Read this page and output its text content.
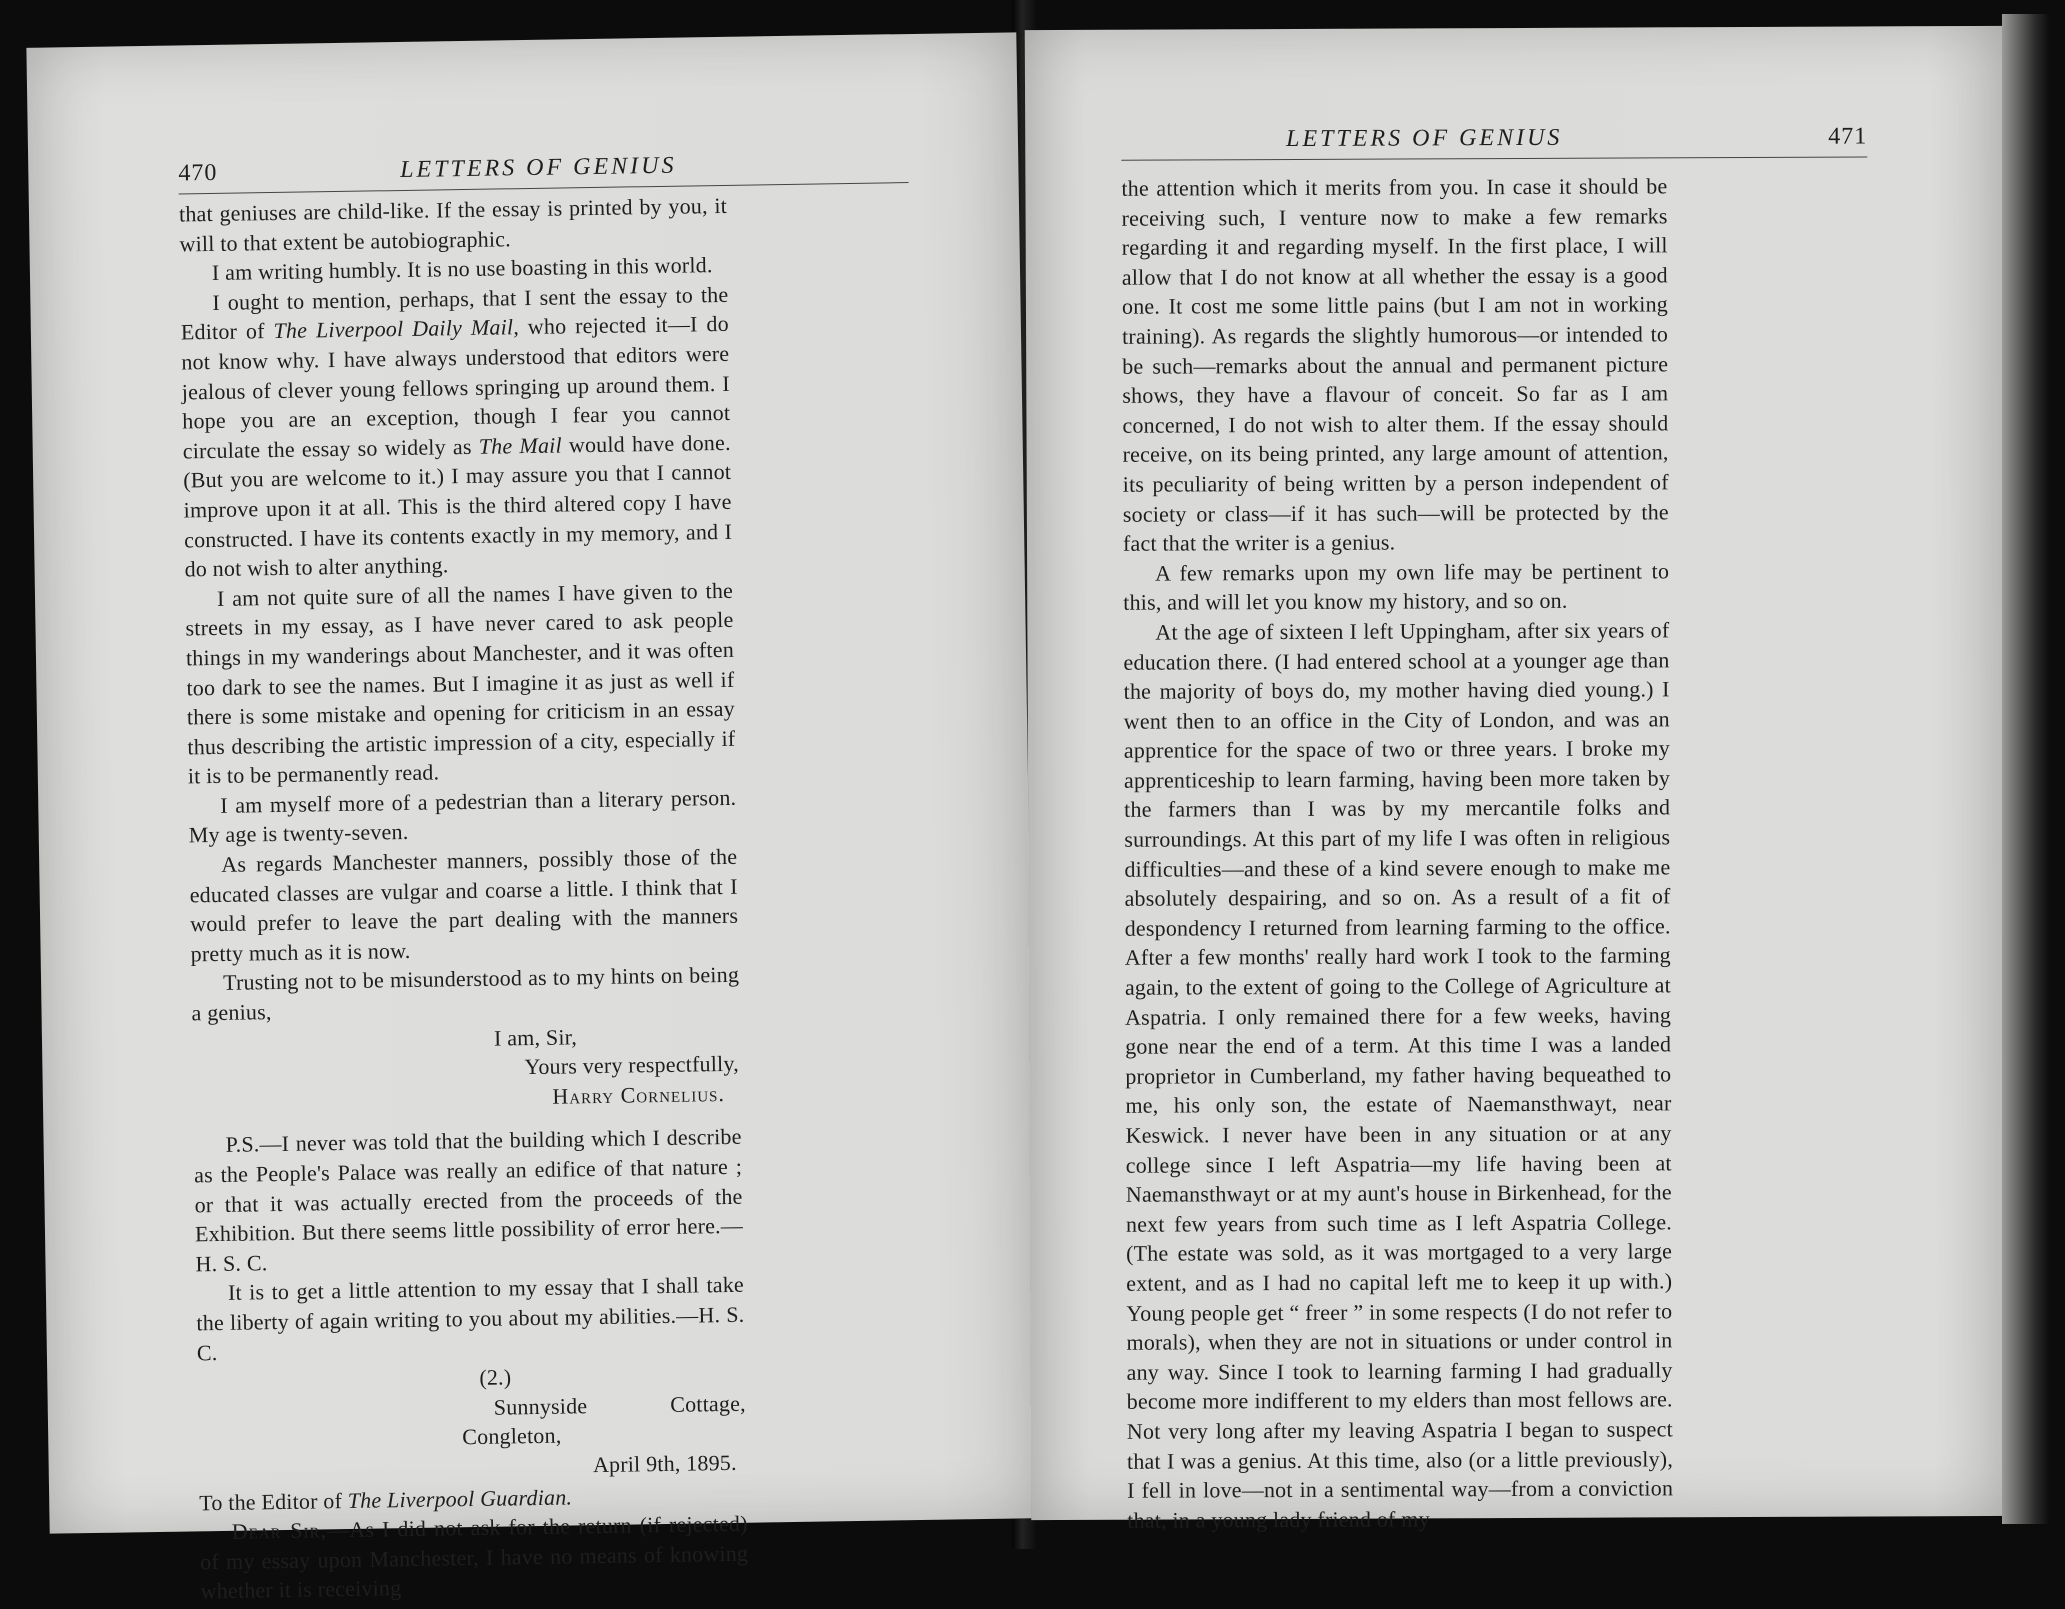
470	LETTERS OF GENIUS

that geniuses are child-like. If the essay is printed by you, it will to that extent be autobiographic.

I am writing humbly. It is no use boasting in this world.

I ought to mention, perhaps, that I sent the essay to the Editor of The Liverpool Daily Mail, who rejected it—I do not know why. I have always understood that editors were jealous of clever young fellows springing up around them. I hope you are an exception, though I fear you cannot circulate the essay so widely as The Mail would have done. (But you are welcome to it.) I may assure you that I cannot improve upon it at all. This is the third altered copy I have constructed. I have its contents exactly in my memory, and I do not wish to alter anything.

I am not quite sure of all the names I have given to the streets in my essay, as I have never cared to ask people things in my wanderings about Manchester, and it was often too dark to see the names. But I imagine it as just as well if there is some mistake and opening for criticism in an essay thus describing the artistic impression of a city, especially if it is to be permanently read.

I am myself more of a pedestrian than a literary person. My age is twenty-seven.

As regards Manchester manners, possibly those of the educated classes are vulgar and coarse a little. I think that I would prefer to leave the part dealing with the manners pretty much as it is now.

Trusting not to be misunderstood as to my hints on being a genius,

I am, Sir,

Yours very respectfully,

Harry Cornelius.

P.S.—I never was told that the building which I describe as the People's Palace was really an edifice of that nature ; or that it was actually erected from the proceeds of the Exhibition. But there seems little possibility of error here.—H. S. C.

It is to get a little attention to my essay that I shall take the liberty of again writing to you about my abilities.—H. S. C.

(2.)

Sunnyside Cottage, Congleton,

April 9th, 1895.

To the Editor of The Liverpool Guardian.

Dear Sir,—As I did not ask for the return (if rejected) of my essay upon Manchester, I have no means of knowing whether it is receiving

LETTERS OF GENIUS	471

the attention which it merits from you. In case it should be receiving such, I venture now to make a few remarks regarding it and regarding myself. In the first place, I will allow that I do not know at all whether the essay is a good one. It cost me some little pains (but I am not in working training). As regards the slightly humorous—or intended to be such—remarks about the annual and permanent picture shows, they have a flavour of conceit. So far as I am concerned, I do not wish to alter them. If the essay should receive, on its being printed, any large amount of attention, its peculiarity of being written by a person independent of society or class—if it has such—will be protected by the fact that the writer is a genius.

A few remarks upon my own life may be pertinent to this, and will let you know my history, and so on.

At the age of sixteen I left Uppingham, after six years of education there. (I had entered school at a younger age than the majority of boys do, my mother having died young.) I went then to an office in the City of London, and was an apprentice for the space of two or three years. I broke my apprenticeship to learn farming, having been more taken by the farmers than I was by my mercantile folks and surroundings. At this part of my life I was often in religious difficulties—and these of a kind severe enough to make me absolutely despairing, and so on. As a result of a fit of despondency I returned from learning farming to the office. After a few months' really hard work I took to the farming again, to the extent of going to the College of Agriculture at Aspatria. I only remained there for a few weeks, having gone near the end of a term. At this time I was a landed proprietor in Cumberland, my father having bequeathed to me, his only son, the estate of Naemansthwayt, near Keswick. I never have been in any situation or at any college since I left Aspatria—my life having been at Naemansthwayt or at my aunt's house in Birkenhead, for the next few years from such time as I left Aspatria College. (The estate was sold, as it was mortgaged to a very large extent, and as I had no capital left me to keep it up with.) Young people get “ freer ” in some respects (I do not refer to morals), when they are not in situations or under control in any way. Since I took to learning farming I had gradually become more indifferent to my elders than most fellows are. Not very long after my leaving Aspatria I began to suspect that I was a genius. At this time, also (or a little previously), I fell in love—not in a sentimental way—from a conviction that, in a young lady friend of my
